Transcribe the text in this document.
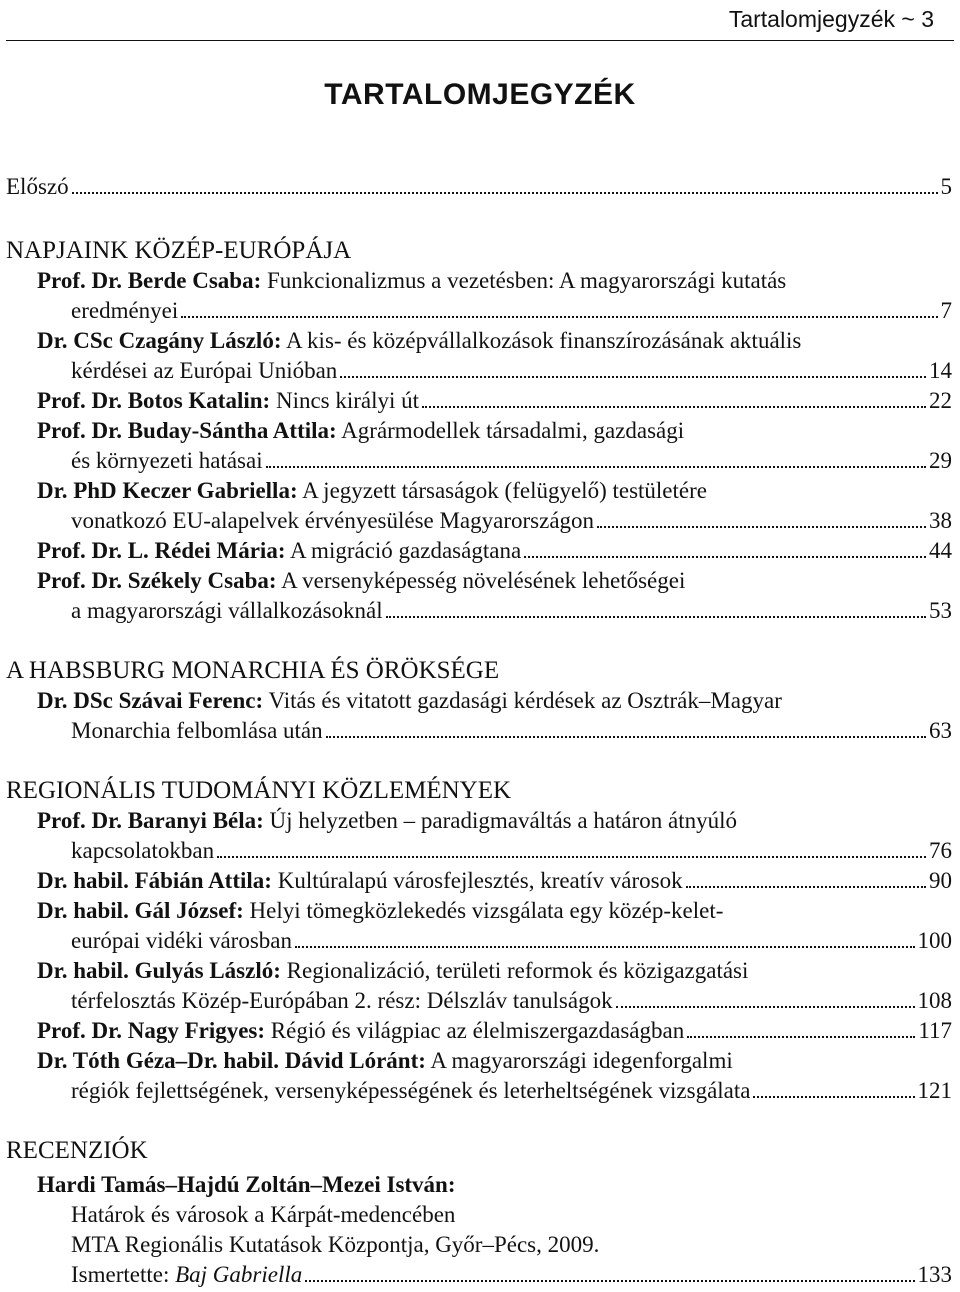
Tartalomjegyzék ~ 3
TARTALOMJEGYZÉK
Előszó	5
NAPJAINK KÖZÉP-EURÓPÁJA
Prof. Dr. Berde Csaba: Funkcionalizmus a vezetésben: A magyarországi kutatás
eredményei	7
Dr. CSc Czagány László: A kis- és középvállalkozások finanszírozásának aktuális
kérdései az Európai Unióban	14
Prof. Dr. Botos Katalin: Nincs királyi út	22
Prof. Dr. Buday-Sántha Attila: Agrármodellek társadalmi, gazdasági
és környezeti hatásai	29
Dr. PhD Keczer Gabriella: A jegyzett társaságok (felügyelő) testületére
vonatkozó EU-alapelvek érvényesülése Magyarországon	38
Prof. Dr. L. Rédei Mária: A migráció gazdaságtana	44
Prof. Dr. Székely Csaba: A versenyképesség növelésének lehetőségei
a magyarországi vállalkozásoknál	53
A HABSBURG MONARCHIA ÉS ÖRÖKSÉGE
Dr. DSc Szávai Ferenc: Vitás és vitatott gazdasági kérdések az Osztrák–Magyar
Monarchia felbomlása után	63
REGIONÁLIS TUDOMÁNYI KÖZLEMÉNYEK
Prof. Dr. Baranyi Béla: Új helyzetben – paradigmaváltás a határon átnyúló
kapcsolatokban	76
Dr. habil. Fábián Attila: Kultúralapú városfejlesztés, kreatív városok	90
Dr. habil. Gál József: Helyi tömegközlekedés vizsgálata egy közép-kelet-
európai vidéki városban	100
Dr. habil. Gulyás László: Regionalizáció, területi reformok és közigazgatási
térfelosztás Közép-Európában 2. rész: Délszláv tanulságok	108
Prof. Dr. Nagy Frigyes: Régió és világpiac az élelmiszergazdaságban	117
Dr. Tóth Géza–Dr. habil. Dávid Lóránt: A magyarországi idegenforgalmi
régiók fejlettségének, versenyképességének és leterheltségének vizsgálata	121
RECENZIÓK
Hardi Tamás–Hajdú Zoltán–Mezei István:
Határok és városok a Kárpát-medencében
MTA Regionális Kutatások Központja, Győr–Pécs, 2009.
Ismertette: Baj Gabriella	133
